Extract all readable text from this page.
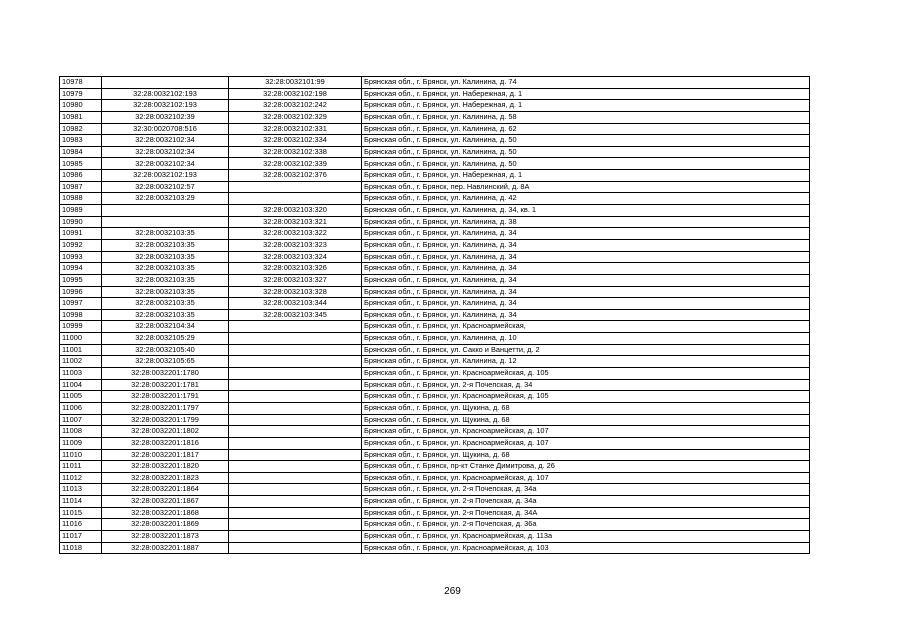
10978		32:28:0032101:99	Брянская обл., г. Брянск, ул. Калинина, д. 74
10979	32:28:0032102:193	32:28:0032102:198	Брянская обл., г. Брянск, ул. Набережная, д. 1
10980	32:28:0032102:193	32:28:0032102:242	Брянская обл., г. Брянск, ул. Набережная, д. 1
10981	32:28:0032102:39	32:28:0032102:329	Брянская обл., г. Брянск, ул. Калинина, д. 58
10982	32:30:0020708:516	32:28:0032102:331	Брянская обл., г. Брянск, ул. Калинина, д. 62
10983	32:28:0032102:34	32:28:0032102:334	Брянская обл., г. Брянск, ул. Калинина, д. 50
10984	32:28:0032102:34	32:28:0032102:338	Брянская обл., г. Брянск, ул. Калинина, д. 50
10985	32:28:0032102:34	32:28:0032102:339	Брянская обл., г. Брянск, ул. Калинина, д. 50
10986	32:28:0032102:193	32:28:0032102:376	Брянская обл., г. Брянск, ул. Набережная, д. 1
10987	32:28:0032102:57		Брянская обл., г. Брянск, пер. Навлинский, д. 8А
10988	32:28:0032103:29		Брянская обл., г. Брянск, ул. Калинина, д. 42
10989		32:28:0032103:320	Брянская обл., г. Брянск, ул. Калинина, д. 34, кв. 1
10990		32:28:0032103:321	Брянская обл., г. Брянск, ул. Калинина, д. 38
10991	32:28:0032103:35	32:28:0032103:322	Брянская обл., г. Брянск, ул. Калинина, д. 34
10992	32:28:0032103:35	32:28:0032103:323	Брянская обл., г. Брянск, ул. Калинина, д. 34
10993	32:28:0032103:35	32:28:0032103:324	Брянская обл., г. Брянск, ул. Калинина, д. 34
10994	32:28:0032103:35	32:28:0032103:326	Брянская обл., г. Брянск, ул. Калинина, д. 34
10995	32:28:0032103:35	32:28:0032103:327	Брянская обл., г. Брянск, ул. Калинина, д. 34
10996	32:28:0032103:35	32:28:0032103:328	Брянская обл., г. Брянск, ул. Калинина, д. 34
10997	32:28:0032103:35	32:28:0032103:344	Брянская обл., г. Брянск, ул. Калинина, д. 34
10998	32:28:0032103:35	32:28:0032103:345	Брянская обл., г. Брянск, ул. Калинина, д. 34
10999	32:28:0032104:34		Брянская обл., г. Брянск, ул. Красноармейская,
11000	32:28:0032105:29		Брянская обл., г. Брянск, ул. Калинина, д. 10
11001	32:28:0032105:40		Брянская обл., г. Брянск, ул. Сакко и Ванцетти, д. 2
11002	32:28:0032105:65		Брянская обл., г. Брянск, ул. Калинина, д. 12
11003	32:28:0032201:1780		Брянская обл., г. Брянск, ул. Красноармейская, д. 105
11004	32:28:0032201:1781		Брянская обл., г. Брянск, ул. 2-я Почепская, д. 34
11005	32:28:0032201:1791		Брянская обл., г. Брянск, ул. Красноармейская, д. 105
11006	32:28:0032201:1797		Брянская обл., г. Брянск, ул. Щукина, д. 68
11007	32:28:0032201:1799		Брянская обл., г. Брянск, ул. Щукина, д. 68
11008	32:28:0032201:1802		Брянская обл., г. Брянск, ул. Красноармейская, д. 107
11009	32:28:0032201:1816		Брянская обл., г. Брянск, ул. Красноармейская, д. 107
11010	32:28:0032201:1817		Брянская обл., г. Брянск, ул. Щукина, д. 68
11011	32:28:0032201:1820		Брянская обл., г. Брянск, пр-кт Станке Димитрова, д. 26
11012	32:28:0032201:1823		Брянская обл., г. Брянск, ул. Красноармейская, д. 107
11013	32:28:0032201:1864		Брянская обл., г. Брянск, ул. 2-я Почепская, д. 34а
11014	32:28:0032201:1867		Брянская обл., г. Брянск, ул. 2-я Почепская, д. 34а
11015	32:28:0032201:1868		Брянская обл., г. Брянск, ул. 2-я Почепская, д. 34А
11016	32:28:0032201:1869		Брянская обл., г. Брянск, ул. 2-я Почепская, д. 36а
11017	32:28:0032201:1873		Брянская обл., г. Брянск, ул. Красноармейская, д. 113а
11018	32:28:0032201:1887		Брянская обл., г. Брянск, ул. Красноармейская, д. 103
269
